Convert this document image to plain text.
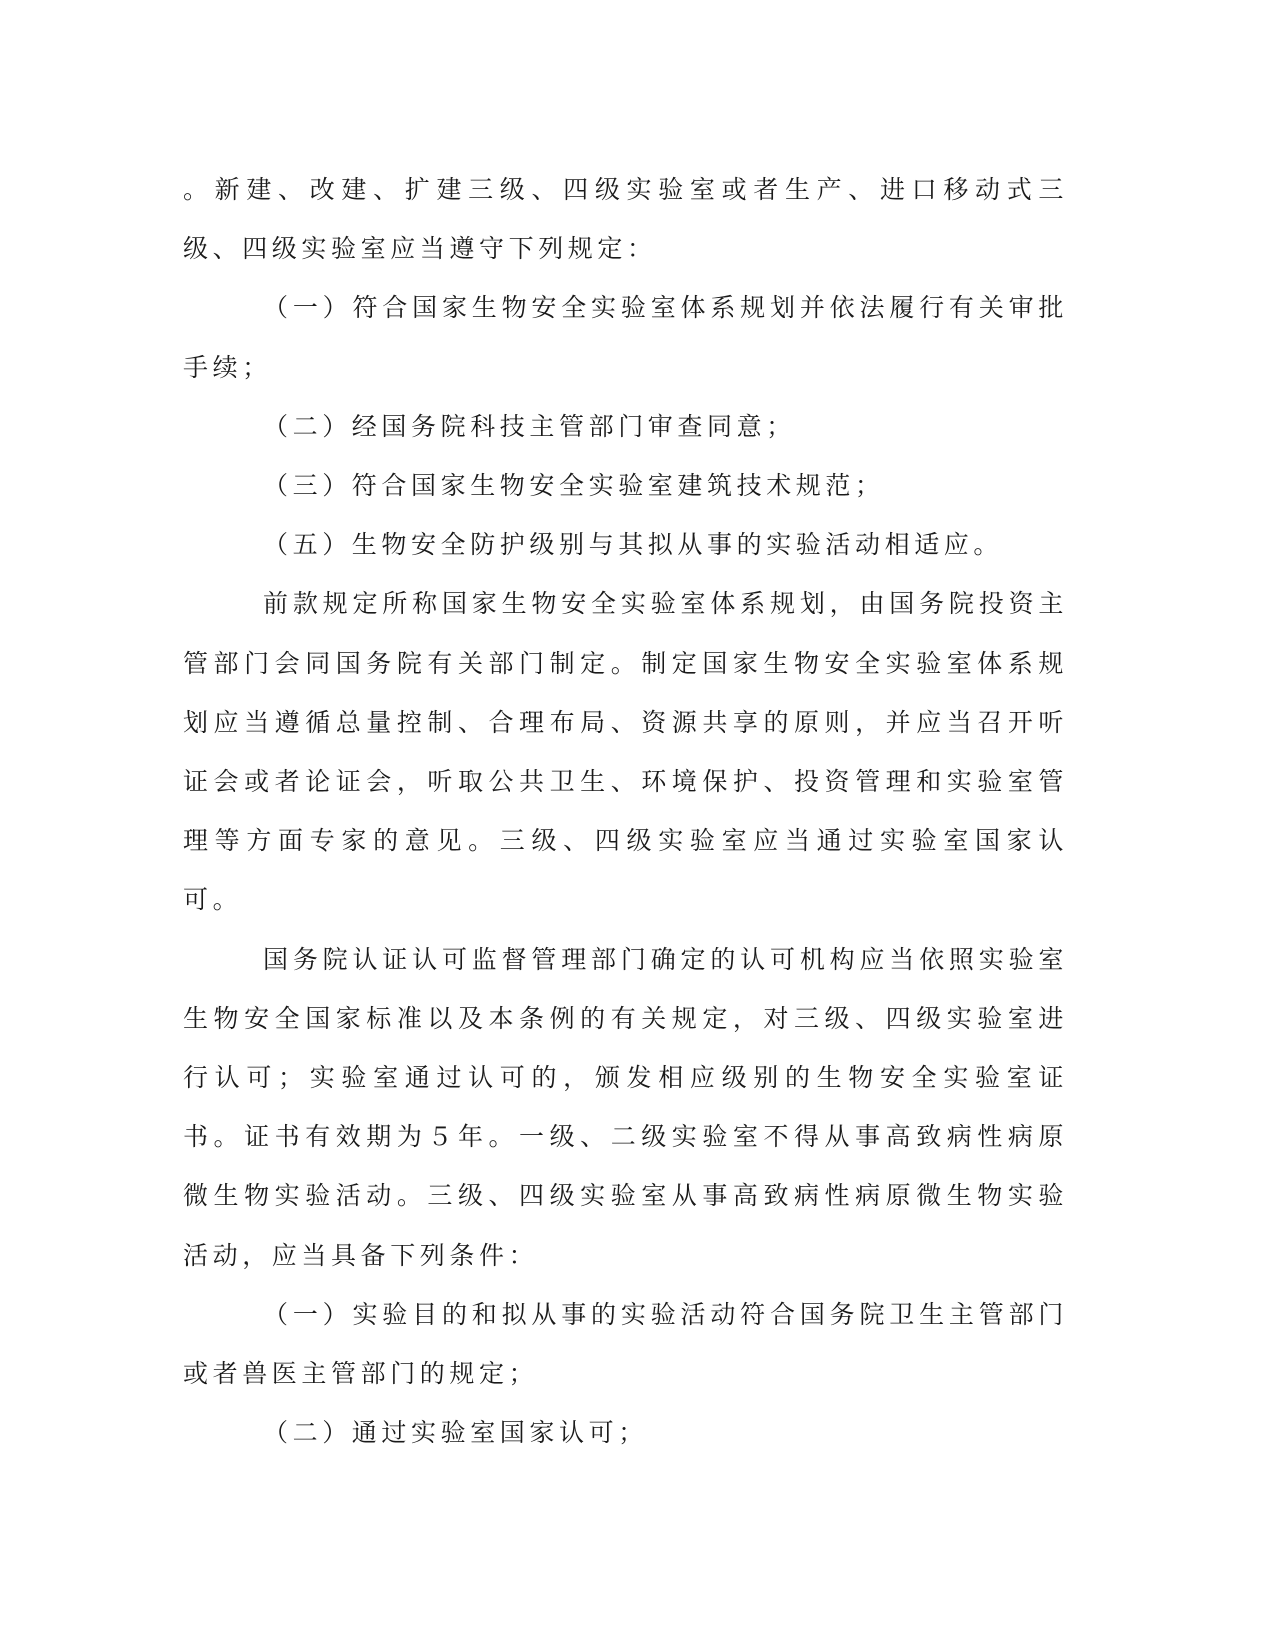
。新建、改建、扩建三级、四级实验室或者生产、进口移动式三级、四级实验室应当遵守下列规定：

（一）符合国家生物安全实验室体系规划并依法履行有关审批手续；

（二）经国务院科技主管部门审查同意；

（三）符合国家生物安全实验室建筑技术规范；

（五）生物安全防护级别与其拟从事的实验活动相适应。

前款规定所称国家生物安全实验室体系规划，由国务院投资主管部门会同国务院有关部门制定。制定国家生物安全实验室体系规划应当遵循总量控制、合理布局、资源共享的原则，并应当召开听证会或者论证会，听取公共卫生、环境保护、投资管理和实验室管理等方面专家的意见。三级、四级实验室应当通过实验室国家认可。

国务院认证认可监督管理部门确定的认可机构应当依照实验室生物安全国家标准以及本条例的有关规定，对三级、四级实验室进行认可；实验室通过认可的，颁发相应级别的生物安全实验室证书。证书有效期为５年。一级、二级实验室不得从事高致病性病原微生物实验活动。三级、四级实验室从事高致病性病原微生物实验活动，应当具备下列条件：

（一）实验目的和拟从事的实验活动符合国务院卫生主管部门或者兽医主管部门的规定；

（二）通过实验室国家认可；
